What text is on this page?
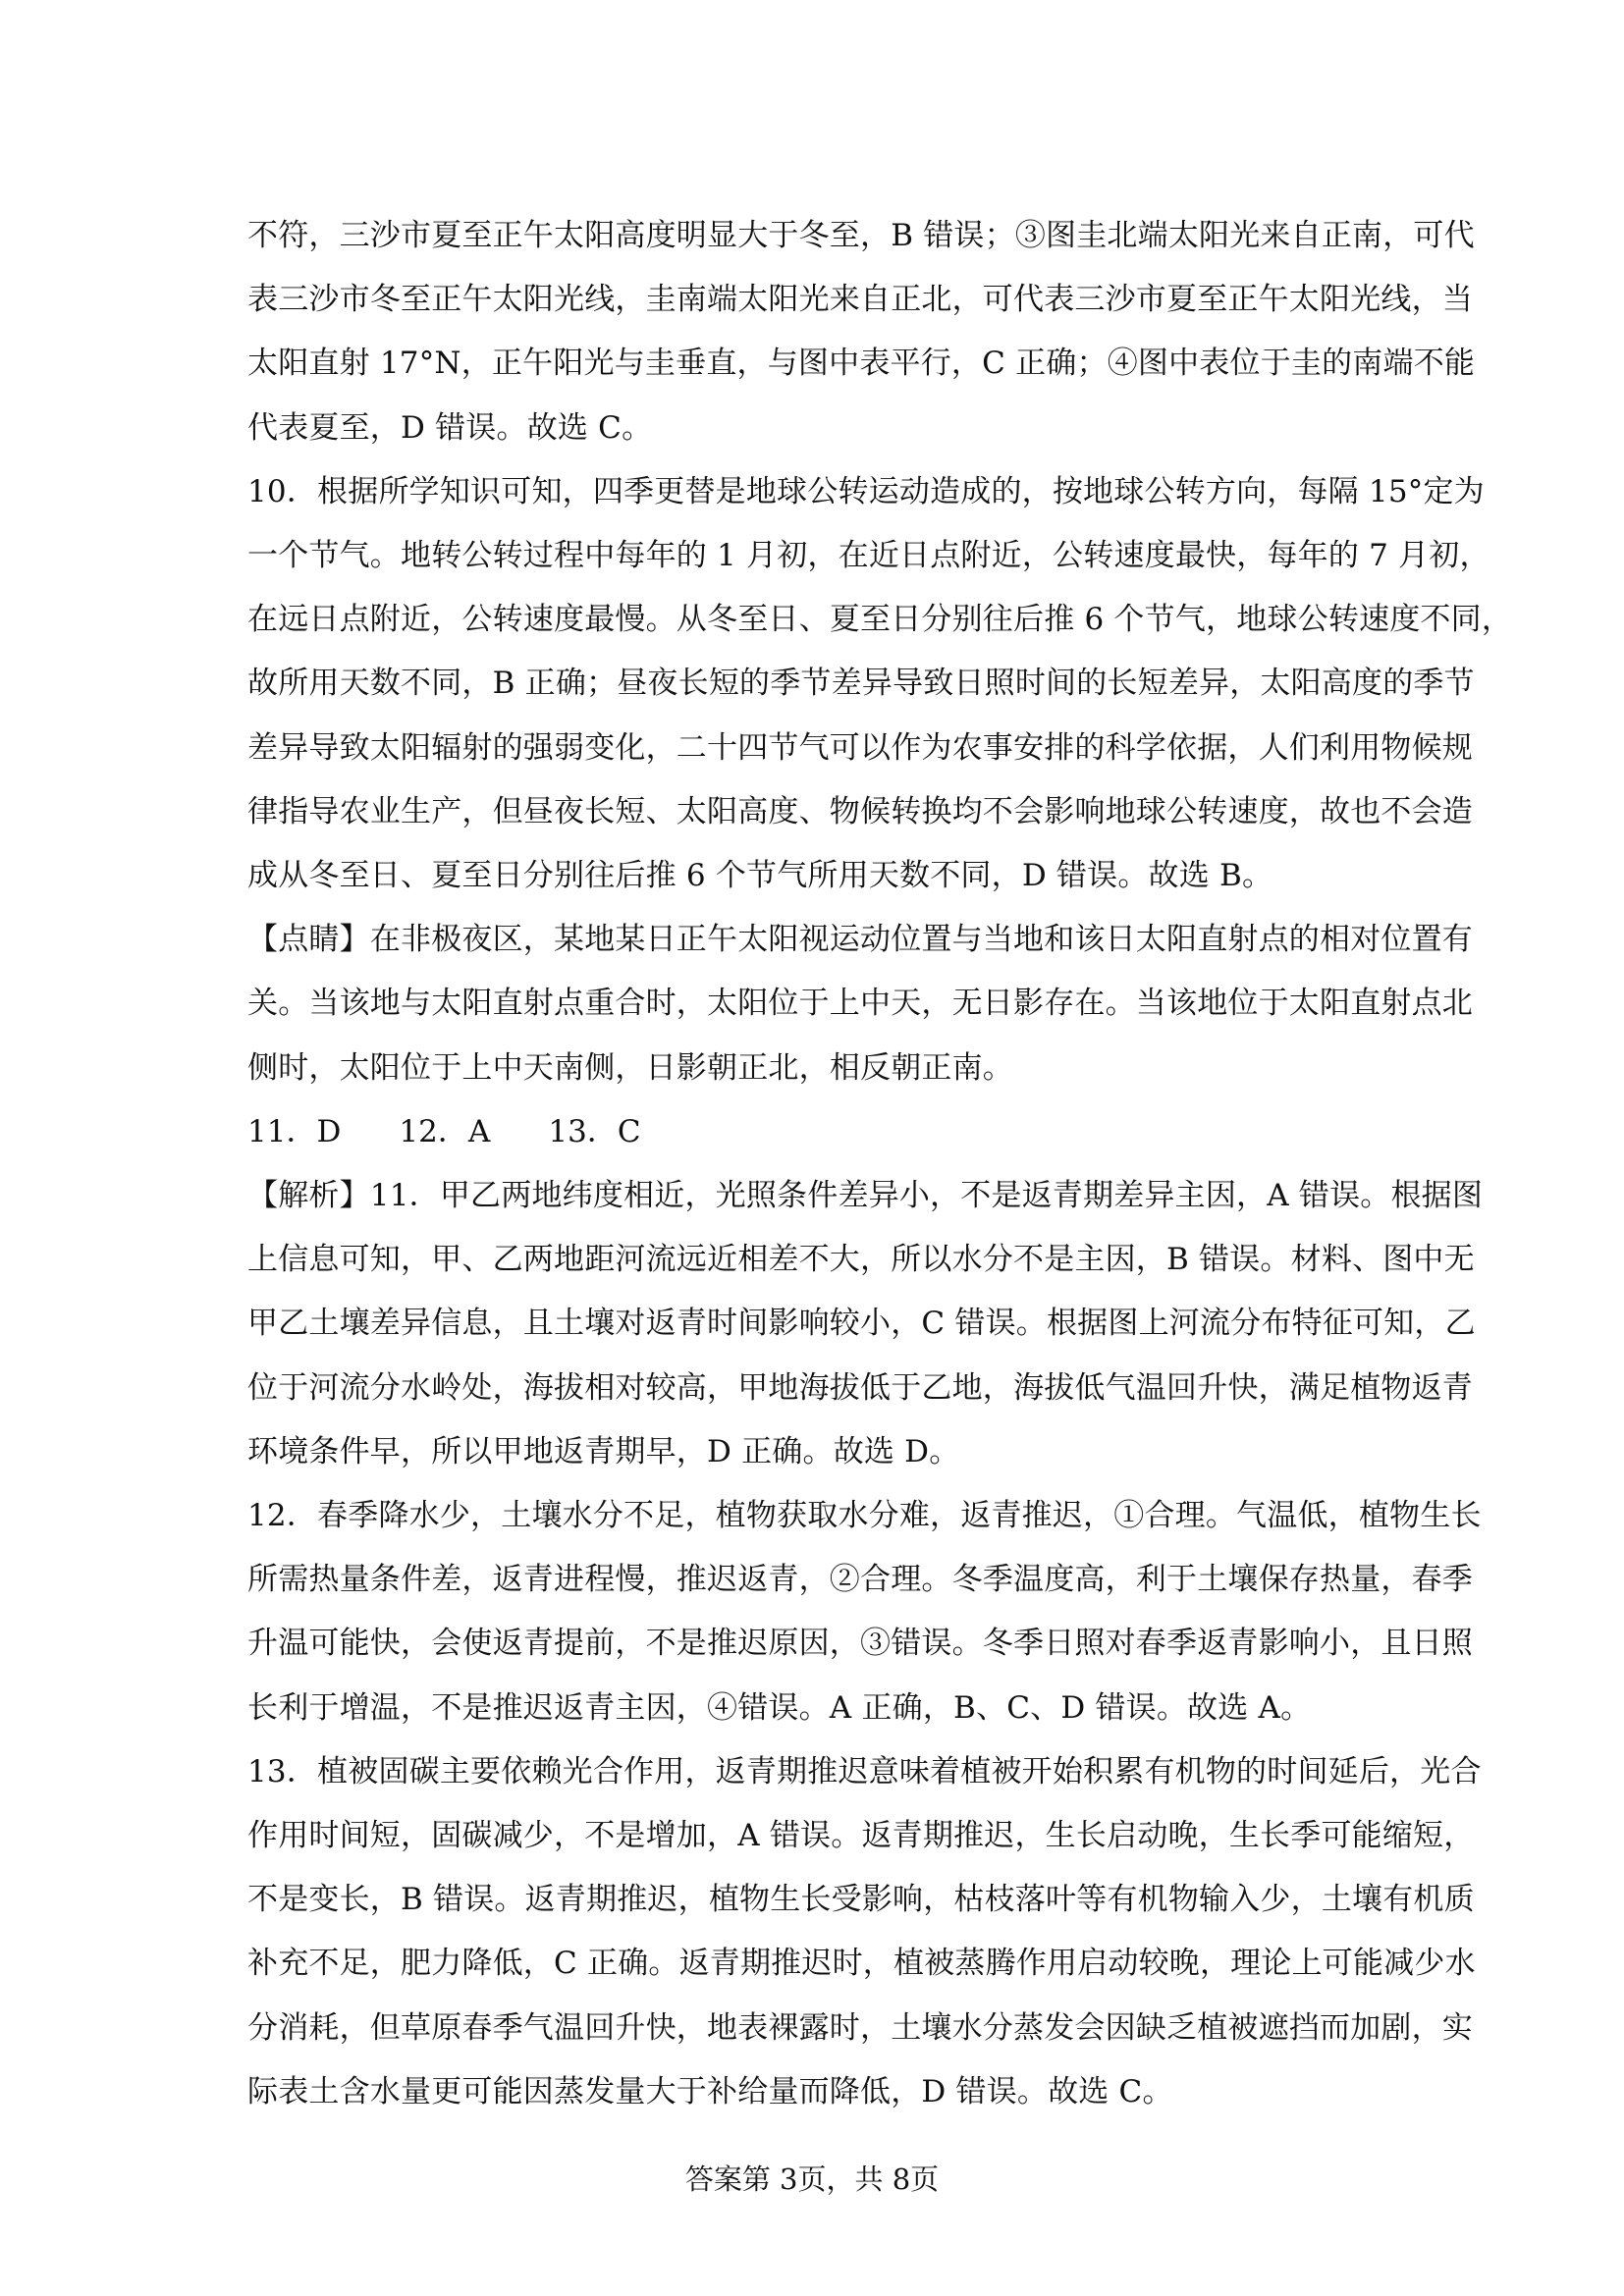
不符，三沙市夏至正午太阳高度明显大于冬至，B 错误；③图圭北端太阳光来自正南，可代

表三沙市冬至正午太阳光线，圭南端太阳光来自正北，可代表三沙市夏至正午太阳光线，当

太阳直射 17°N，正午阳光与圭垂直，与图中表平行，C 正确；④图中表位于圭的南端不能

代表夏至，D 错误。故选 C。

10．根据所学知识可知，四季更替是地球公转运动造成的，按地球公转方向，每隔 15°定为

一个节气。地转公转过程中每年的 1 月初，在近日点附近，公转速度最快，每年的 7 月初，

在远日点附近，公转速度最慢。从冬至日、夏至日分别往后推 6 个节气，地球公转速度不同，

故所用天数不同，B 正确；昼夜长短的季节差异导致日照时间的长短差异，太阳高度的季节

差异导致太阳辐射的强弱变化，二十四节气可以作为农事安排的科学依据，人们利用物候规

律指导农业生产，但昼夜长短、太阳高度、物候转换均不会影响地球公转速度，故也不会造

成从冬至日、夏至日分别往后推 6 个节气所用天数不同，D 错误。故选 B。

【点睛】在非极夜区，某地某日正午太阳视运动位置与当地和该日太阳直射点的相对位置有

关。当该地与太阳直射点重合时，太阳位于上中天，无日影存在。当该地位于太阳直射点北

侧时，太阳位于上中天南侧，日影朝正北，相反朝正南。

11．D      12．A      13．C

【解析】11．甲乙两地纬度相近，光照条件差异小，不是返青期差异主因，A 错误。根据图

上信息可知，甲、乙两地距河流远近相差不大，所以水分不是主因，B 错误。材料、图中无

甲乙土壤差异信息，且土壤对返青时间影响较小，C 错误。根据图上河流分布特征可知，乙

位于河流分水岭处，海拔相对较高，甲地海拔低于乙地，海拔低气温回升快，满足植物返青

环境条件早，所以甲地返青期早，D 正确。故选 D。

12．春季降水少，土壤水分不足，植物获取水分难，返青推迟，①合理。气温低，植物生长

所需热量条件差，返青进程慢，推迟返青，②合理。冬季温度高，利于土壤保存热量，春季

升温可能快，会使返青提前，不是推迟原因，③错误。冬季日照对春季返青影响小，且日照

长利于增温，不是推迟返青主因，④错误。A 正确，B、C、D 错误。故选 A。

13．植被固碳主要依赖光合作用，返青期推迟意味着植被开始积累有机物的时间延后，光合

作用时间短，固碳减少，不是增加，A 错误。返青期推迟，生长启动晚，生长季可能缩短，

不是变长，B 错误。返青期推迟，植物生长受影响，枯枝落叶等有机物输入少，土壤有机质

补充不足，肥力降低，C 正确。返青期推迟时，植被蒸腾作用启动较晚，理论上可能减少水

分消耗，但草原春季气温回升快，地表裸露时，土壤水分蒸发会因缺乏植被遮挡而加剧，实

际表土含水量更可能因蒸发量大于补给量而降低，D 错误。故选 C。

答案第 3页，共 8页
